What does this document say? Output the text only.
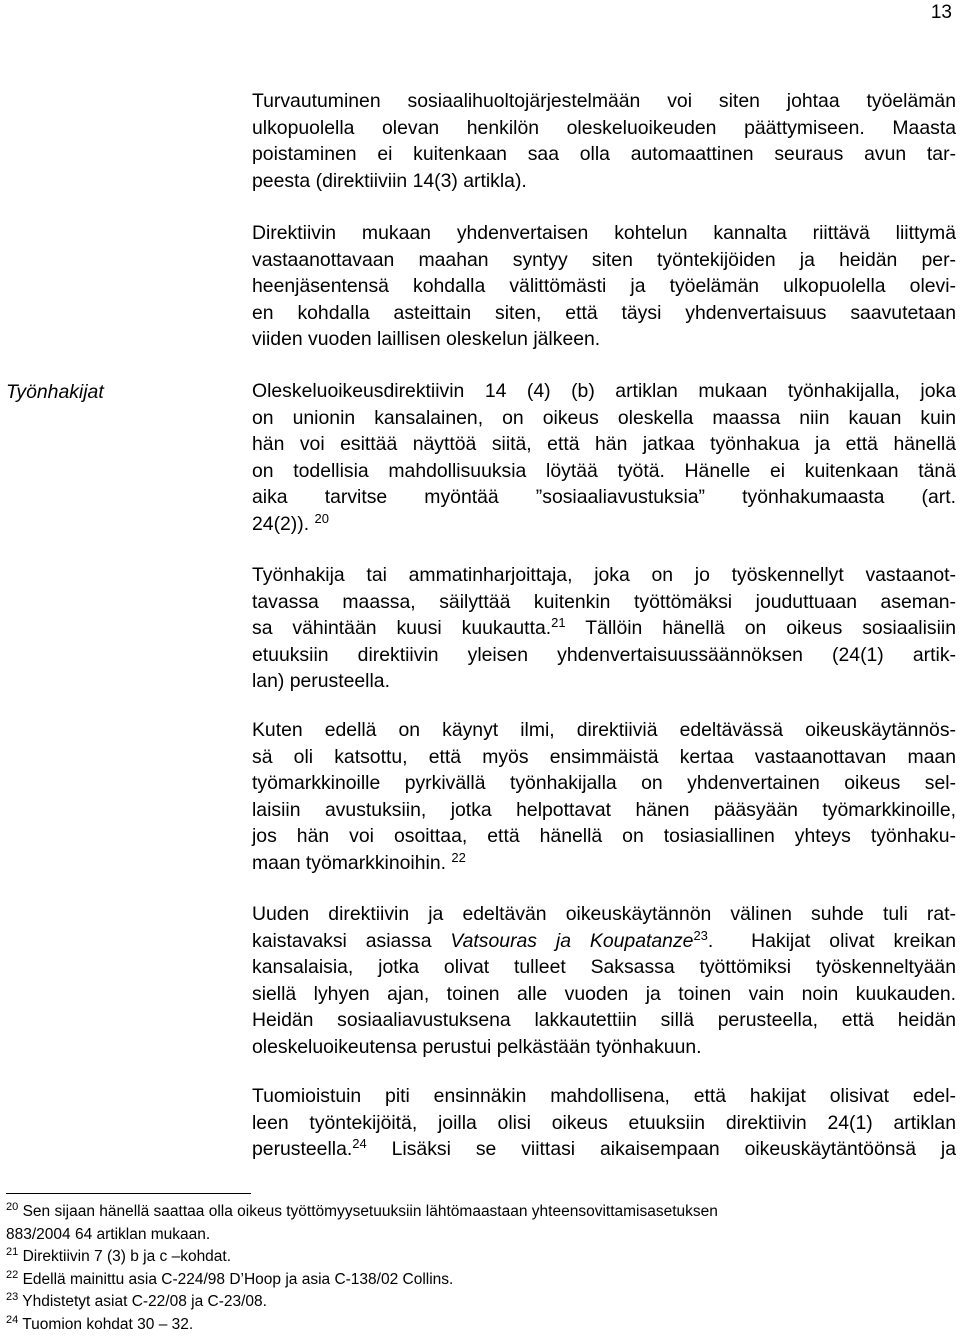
13
Työnhakijat
Turvautuminen sosiaalihuoltojärjestelmään voi siten johtaa työelämän
ulkopuolella olevan henkilön oleskeluoikeuden päättymiseen. Maasta
poistaminen ei kuitenkaan saa olla automaattinen seuraus avun tar-
peesta (direktiiviin 14(3) artikla).
Direktiivin mukaan yhdenvertaisen kohtelun kannalta riittävä liittymä
vastaanottavaan maahan syntyy siten työntekijöiden ja heidän per-
heenjäsentensä kohdalla välittömästi ja työelämän ulkopuolella olevi-
en kohdalla asteittain siten, että täysi yhdenvertaisuus saavutetaan
viiden vuoden laillisen oleskelun jälkeen.
Oleskeluoikeusdirektiivin 14 (4) (b) artiklan mukaan työnhakijalla, joka
on unionin kansalainen, on oikeus oleskella maassa niin kauan kuin
hän voi esittää näyttöä siitä, että hän jatkaa työnhakua ja että hänellä
on todellisia mahdollisuuksia löytää työtä. Hänelle ei kuitenkaan tänä
aika tarvitse myöntää ”sosiaaliavustuksia” työnhakumaasta (art.
24(2)). $^{20}$
Työnhakija tai ammatinharjoittaja, joka on jo työskennellyt vastaanot-
tavassa maassa, säilyttää kuitenkin työttömäksi jouduttuaan aseman-
sa vähintään kuusi kuukautta.$^{21}$ Tällöin hänellä on oikeus sosiaalisiin
etuuksiin direktiivin yleisen yhdenvertaisuussäännöksen (24(1) artik-
lan) perusteella.
Kuten edellä on käynyt ilmi, direktiiviä edeltävässä oikeuskäytännös-
sä oli katsottu, että myös ensimmäistä kertaa vastaanottavan maan
työmarkkinoille pyrkivällä työnhakijalla on yhdenvertainen oikeus sel-
laisiin avustuksiin, jotka helpottavat hänen pääsyään työmarkkinoille,
jos hän voi osoittaa, että hänellä on tosiasiallinen yhteys työnhaku-
maan työmarkkinoihin. $^{22}$
Uuden direktiivin ja edeltävän oikeuskäytännön välinen suhde tuli rat-
kaistavaksi asiassa Vatsouras ja Koupatanze$^{23}$.  Hakijat olivat kreikan
kansalaisia, jotka olivat tulleet Saksassa työttömiksi työskenneltyään
siellä lyhyen ajan, toinen alle vuoden ja toinen vain noin kuukauden.
Heidän sosiaaliavustuksena lakkautettiin sillä perusteella, että heidän
oleskeluoikeutensa perustui pelkästään työnhakuun.
Tuomioistuin piti ensinnäkin mahdollisena, että hakijat olisivat edel-
leen työntekijöitä, joilla olisi oikeus etuuksiin direktiivin 24(1) artiklan
perusteella.$^{24}$ Lisäksi se viittasi aikaisempaan oikeuskäytäntöönsä ja
$^{20}$ Sen sijaan hänellä saattaa olla oikeus työttömyysetuuksiin lähtömaastaan yhteensovittamisasetuksen
883/2004 64 artiklan mukaan.
$^{21}$ Direktiivin 7 (3) b ja c –kohdat.
$^{22}$ Edellä mainittu asia C-224/98 D’Hoop ja asia C-138/02 Collins.
$^{23}$ Yhdistetyt asiat C-22/08 ja C-23/08.
$^{24}$ Tuomion kohdat 30 – 32.
